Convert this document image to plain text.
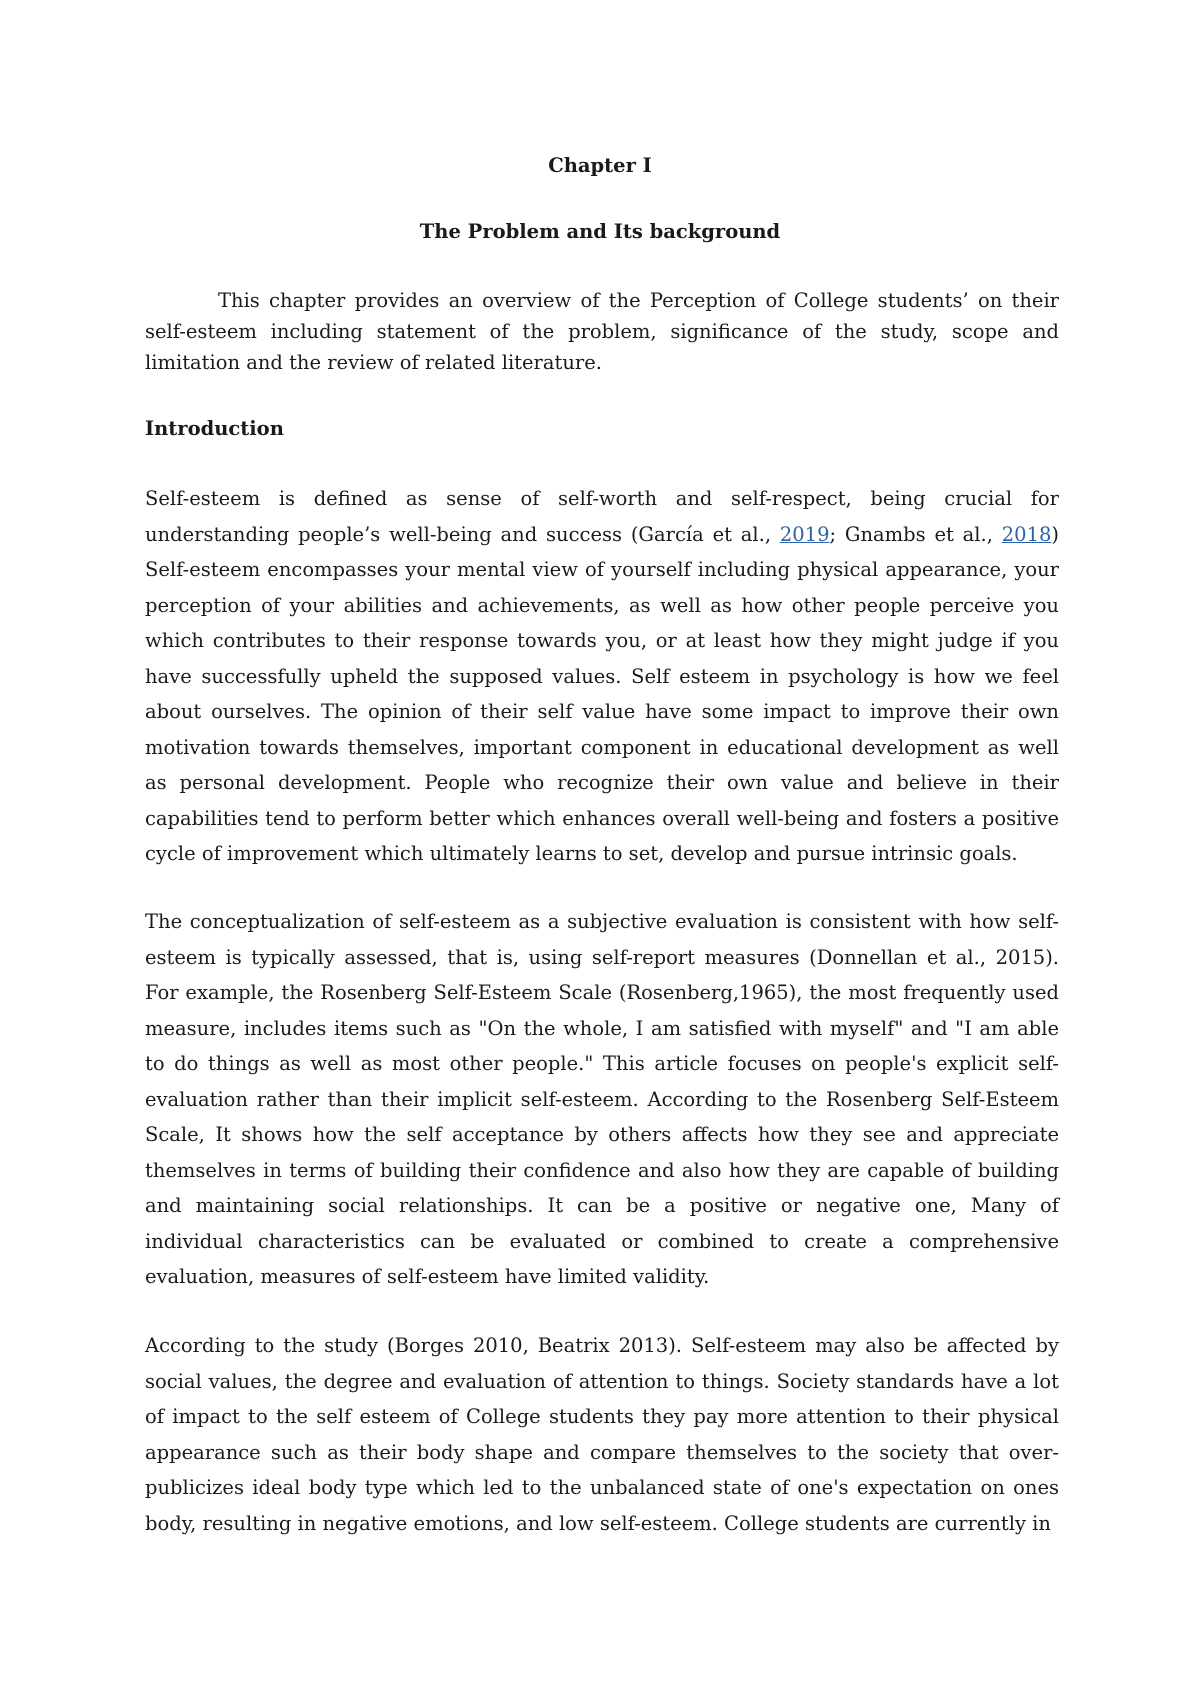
Chapter I
The Problem and Its background

This chapter provides an overview of the Perception of College students’ on their self-esteem including statement of the problem, significance of the study, scope and limitation and the review of related literature.

Introduction

Self-esteem is defined as sense of self-worth and self-respect, being crucial for understanding people’s well-being and success (García et al., 2019; Gnambs et al., 2018) Self-esteem encompasses your mental view of yourself including physical appearance, your perception of your abilities and achievements, as well as how other people perceive you which contributes to their response towards you, or at least how they might judge if you have successfully upheld the supposed values. Self esteem in psychology is how we feel about ourselves. The opinion of their self value have some impact to improve their own motivation towards themselves, important component in educational development as well as personal development. People who recognize their own value and believe in their capabilities tend to perform better which enhances overall well-being and fosters a positive cycle of improvement which ultimately learns to set, develop and pursue intrinsic goals.

The conceptualization of self-esteem as a subjective evaluation is consistent with how self-esteem is typically assessed, that is, using self-report measures (Donnellan et al., 2015). For example, the Rosenberg Self-Esteem Scale (Rosenberg,1965), the most frequently used measure, includes items such as "On the whole, I am satisfied with myself" and "I am able to do things as well as most other people." This article focuses on people's explicit self-evaluation rather than their implicit self-esteem. According to the Rosenberg Self-Esteem Scale, It shows how the self acceptance by others affects how they see and appreciate themselves in terms of building their confidence and also how they are capable of building and maintaining social relationships. It can be a positive or negative one, Many of individual characteristics can be evaluated or combined to create a comprehensive evaluation, measures of self-esteem have limited validity.

According to the study (Borges 2010, Beatrix 2013). Self-esteem may also be affected by social values, the degree and evaluation of attention to things. Society standards have a lot of impact to the self esteem of College students they pay more attention to their physical appearance such as their body shape and compare themselves to the society that over-publicizes ideal body type which led to the unbalanced state of one's expectation on ones body, resulting in negative emotions, and low self-esteem. College students are currently in
